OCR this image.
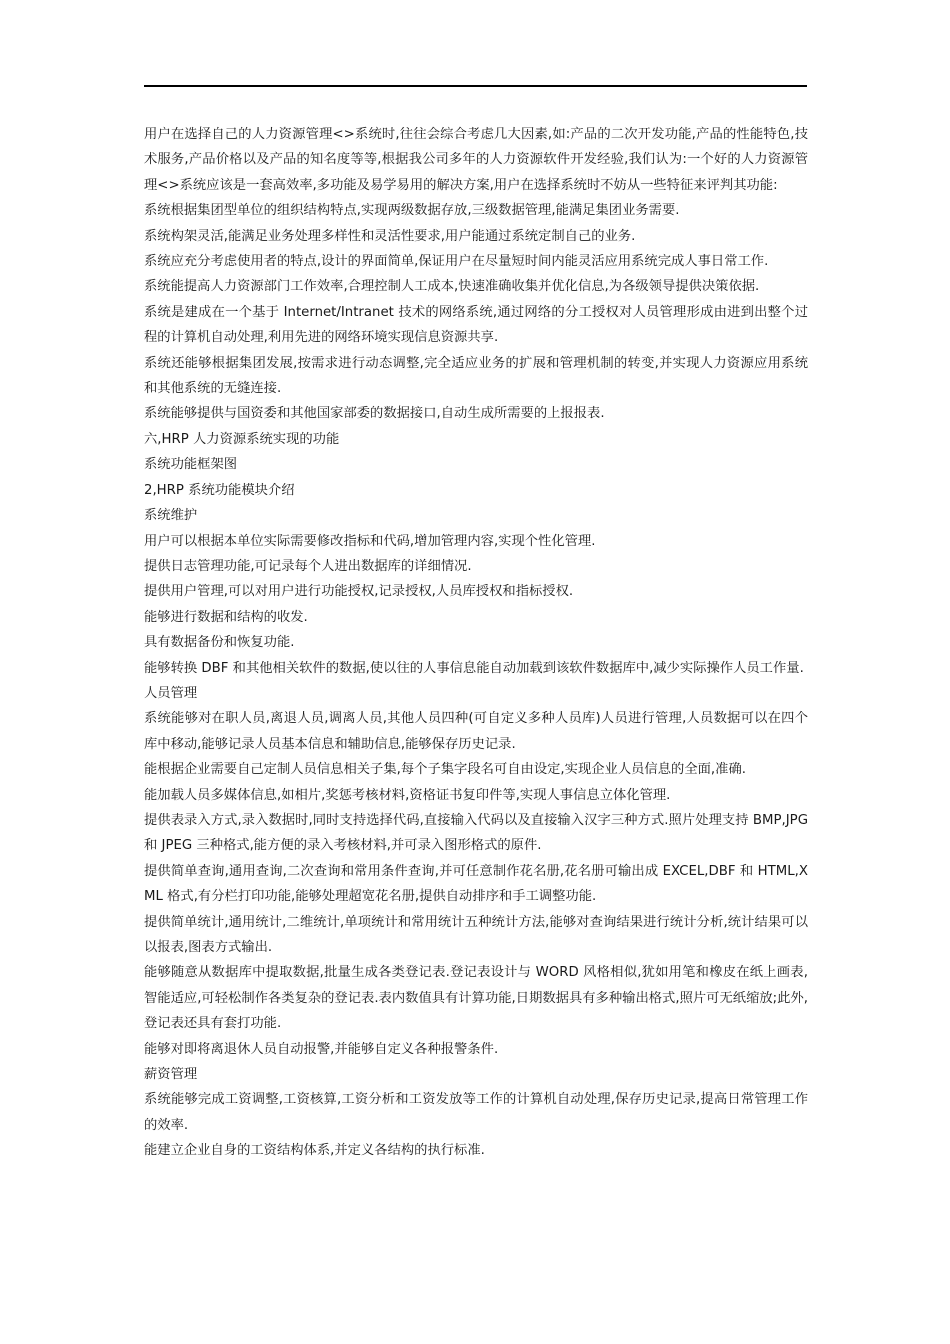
用户在选择自己的人力资源管理<>系统时,往往会综合考虑几大因素,如:产品的二次开发功能,产品的性能特色,技术服务,产品价格以及产品的知名度等等,根据我公司多年的人力资源软件开发经验,我们认为:一个好的人力资源管理<>系统应该是一套高效率,多功能及易学易用的解决方案,用户在选择系统时不妨从一些特征来评判其功能:

系统根据集团型单位的组织结构特点,实现两级数据存放,三级数据管理,能满足集团业务需要.

系统构架灵活,能满足业务处理多样性和灵活性要求,用户能通过系统定制自己的业务.

系统应充分考虑使用者的特点,设计的界面简单,保证用户在尽量短时间内能灵活应用系统完成人事日常工作.

系统能提高人力资源部门工作效率,合理控制人工成本,快速准确收集并优化信息,为各级领导提供决策依据.

系统是建成在一个基于 Internet/Intranet 技术的网络系统,通过网络的分工授权对人员管理形成由进到出整个过程的计算机自动处理,利用先进的网络环境实现信息资源共享.

系统还能够根据集团发展,按需求进行动态调整,完全适应业务的扩展和管理机制的转变,并实现人力资源应用系统和其他系统的无缝连接.

系统能够提供与国资委和其他国家部委的数据接口,自动生成所需要的上报报表.

六,HRP 人力资源系统实现的功能

系统功能框架图

2,HRP 系统功能模块介绍

系统维护

用户可以根据本单位实际需要修改指标和代码,增加管理内容,实现个性化管理.

提供日志管理功能,可记录每个人进出数据库的详细情况.

提供用户管理,可以对用户进行功能授权,记录授权,人员库授权和指标授权.

能够进行数据和结构的收发.

具有数据备份和恢复功能.

能够转换 DBF 和其他相关软件的数据,使以往的人事信息能自动加载到该软件数据库中,减少实际操作人员工作量.

人员管理

系统能够对在职人员,离退人员,调离人员,其他人员四种(可自定义多种人员库)人员进行管理,人员数据可以在四个库中移动,能够记录人员基本信息和辅助信息,能够保存历史记录.

能根据企业需要自己定制人员信息相关子集,每个子集字段名可自由设定,实现企业人员信息的全面,准确.

能加载人员多媒体信息,如相片,奖惩考核材料,资格证书复印件等,实现人事信息立体化管理.

提供表录入方式,录入数据时,同时支持选择代码,直接输入代码以及直接输入汉字三种方式.照片处理支持 BMP,JPG 和 JPEG 三种格式,能方便的录入考核材料,并可录入图形格式的原件.

提供简单查询,通用查询,二次查询和常用条件查询,并可任意制作花名册,花名册可输出成 EXCEL,DBF 和 HTML,XML 格式,有分栏打印功能,能够处理超宽花名册,提供自动排序和手工调整功能.

提供简单统计,通用统计,二维统计,单项统计和常用统计五种统计方法,能够对查询结果进行统计分析,统计结果可以以报表,图表方式输出.

能够随意从数据库中提取数据,批量生成各类登记表.登记表设计与 WORD 风格相似,犹如用笔和橡皮在纸上画表,智能适应,可轻松制作各类复杂的登记表.表内数值具有计算功能,日期数据具有多种输出格式,照片可无纸缩放;此外,登记表还具有套打功能.

能够对即将离退休人员自动报警,并能够自定义各种报警条件.

薪资管理

系统能够完成工资调整,工资核算,工资分析和工资发放等工作的计算机自动处理,保存历史记录,提高日常管理工作的效率.

能建立企业自身的工资结构体系,并定义各结构的执行标准.
